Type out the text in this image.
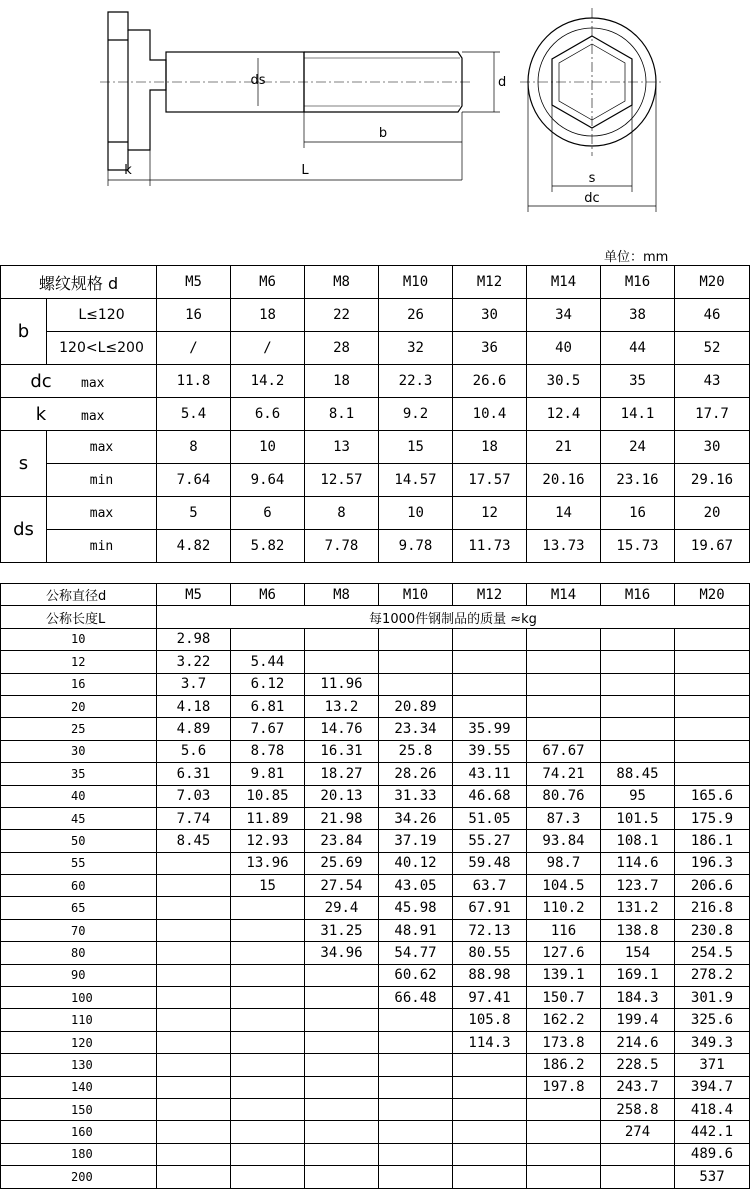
ds	d
b
k	L
s
dc
单位：mm
螺纹规格 d		M5	M6	M8	M10	M12	M14	M16	M20
b	L≤120	16	18	22	26	30	34	38	46
	120<L≤200	/	/	28	32	36	40	44	52
dc max		11.8	14.2	18	22.3	26.6	30.5	35	43
k max		5.4	6.6	8.1	9.2	10.4	12.4	14.1	17.7
s	max	8	10	13	15	18	21	24	30
	min	7.64	9.64	12.57	14.57	17.57	20.16	23.16	29.16
ds	max	5	6	8	10	12	14	16	20
	min	4.82	5.82	7.78	9.78	11.73	13.73	15.73	19.67
公称直径d	M5	M6	M8	M10	M12	M14	M16	M20
公称长度L	每1000件钢制品的质量 ≈kg							
10	2.98							
12	3.22	5.44						
16	3.7	6.12	11.96					
20	4.18	6.81	13.2	20.89				
25	4.89	7.67	14.76	23.34	35.99			
30	5.6	8.78	16.31	25.8	39.55	67.67		
35	6.31	9.81	18.27	28.26	43.11	74.21	88.45	
40	7.03	10.85	20.13	31.33	46.68	80.76	95	165.6
45	7.74	11.89	21.98	34.26	51.05	87.3	101.5	175.9
50	8.45	12.93	23.84	37.19	55.27	93.84	108.1	186.1
55		13.96	25.69	40.12	59.48	98.7	114.6	196.3
60		15	27.54	43.05	63.7	104.5	123.7	206.6
65			29.4	45.98	67.91	110.2	131.2	216.8
70			31.25	48.91	72.13	116	138.8	230.8
80			34.96	54.77	80.55	127.6	154	254.5
90				60.62	88.98	139.1	169.1	278.2
100				66.48	97.41	150.7	184.3	301.9
110					105.8	162.2	199.4	325.6
120					114.3	173.8	214.6	349.3
130						186.2	228.5	371
140						197.8	243.7	394.7
150							258.8	418.4
160							274	442.1
180								489.6
200								537
